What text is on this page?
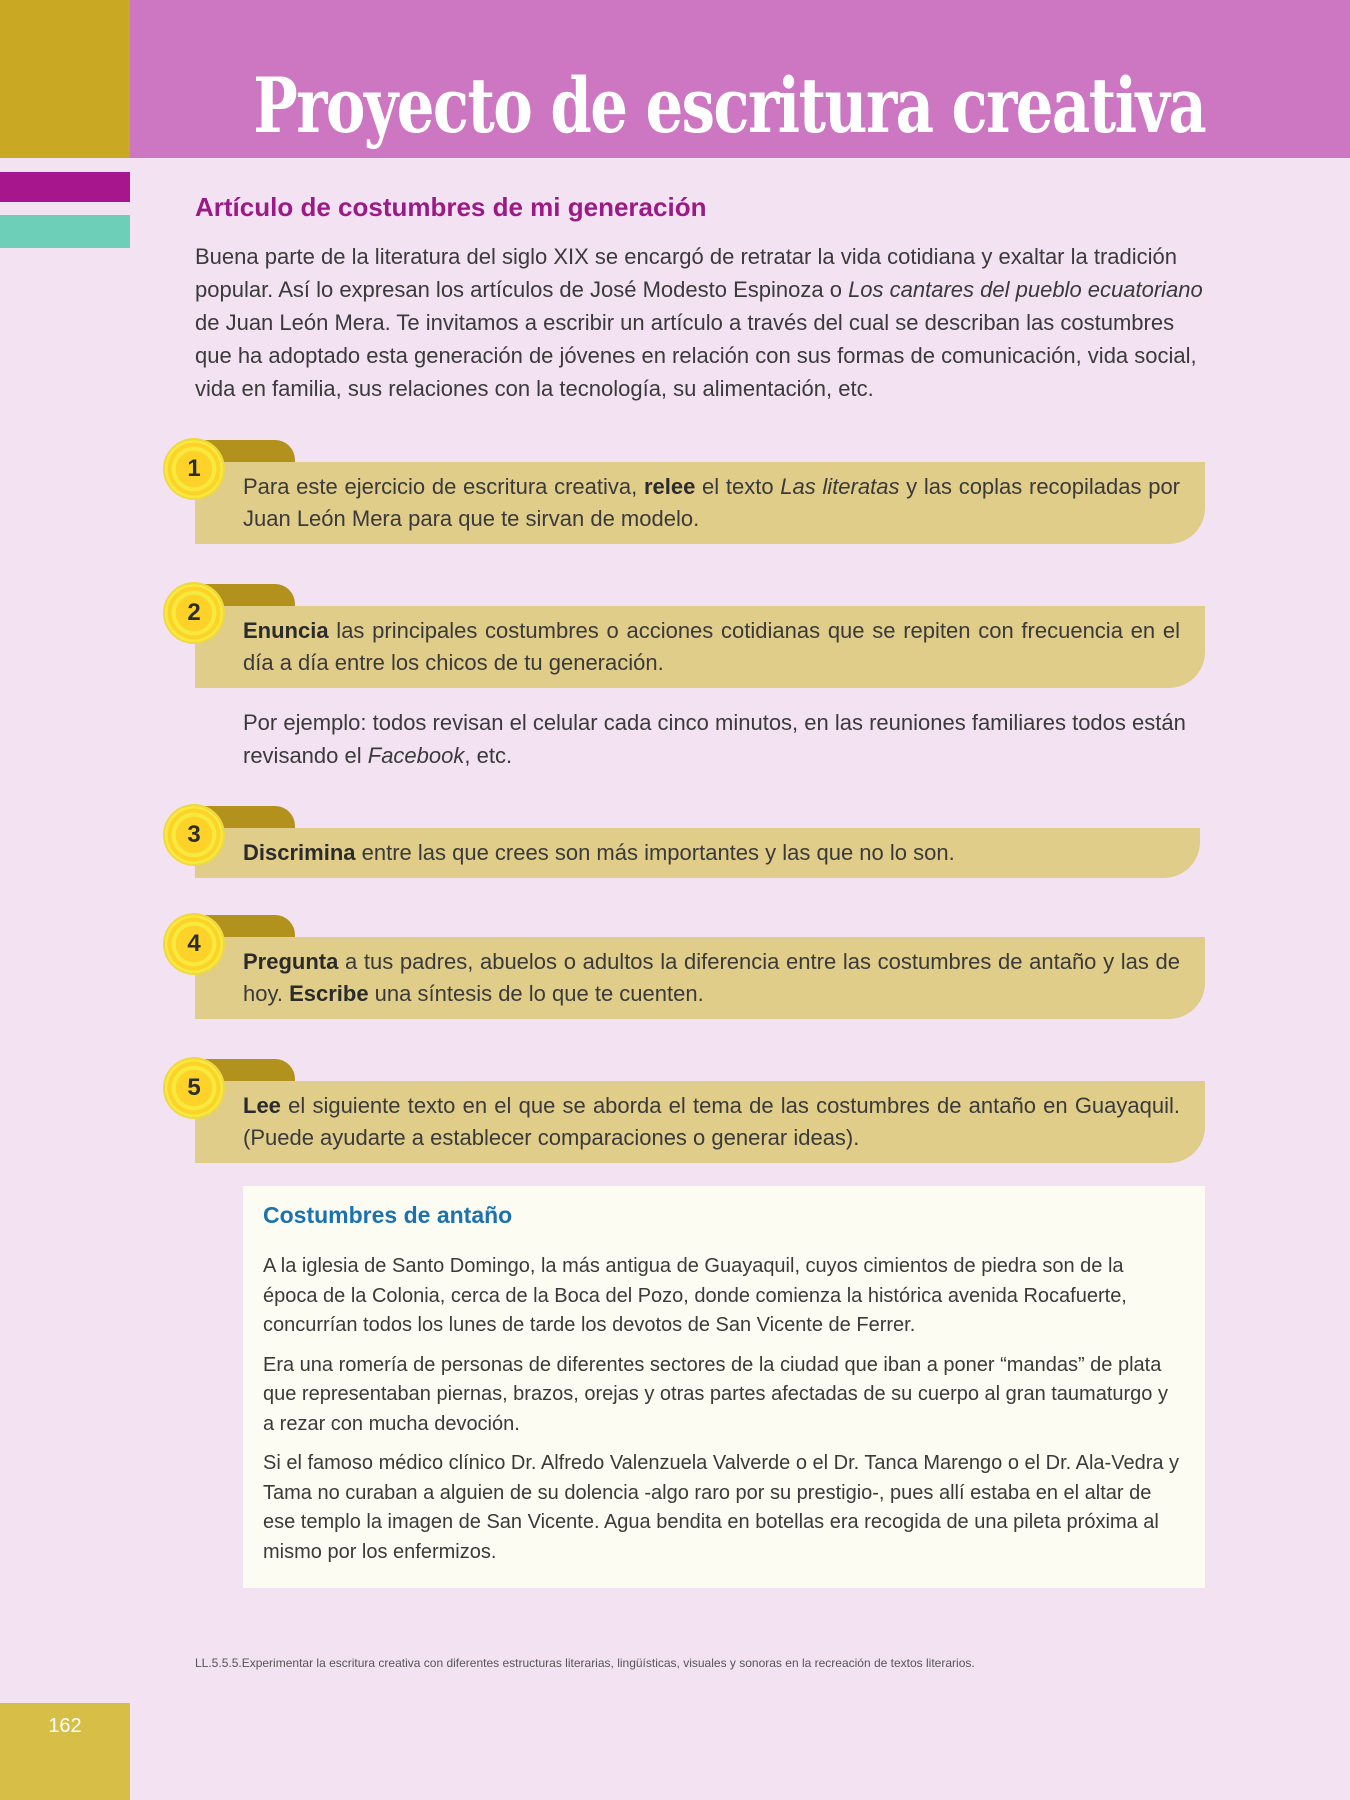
162
Proyecto de escritura creativa
Artículo de costumbres de mi generación
Buena parte de la literatura del siglo XIX se encargó de retratar la vida cotidiana y exaltar la tradición popular. Así lo expresan los artículos de José Modesto Espinoza o Los cantares del pueblo ecuatoriano de Juan León Mera. Te invitamos a escribir un artículo a través del cual se describan las costumbres que ha adoptado esta generación de jóvenes en relación con sus formas de comunicación, vida social, vida en familia, sus relaciones con la tecnología, su alimentación, etc.
Para este ejercicio de escritura creativa, relee el texto Las literatas y las coplas recopiladas por Juan León Mera para que te sirvan de modelo.
1
Enuncia las principales costumbres o acciones cotidianas que se repiten con frecuencia en el día a día entre los chicos de tu generación.
2
Por ejemplo: todos revisan el celular cada cinco minutos, en las reuniones familiares todos están revisando el Facebook, etc.
Discrimina entre las que crees son más importantes y las que no lo son.
3
Pregunta a tus padres, abuelos o adultos la diferencia entre las costumbres de antaño y las de hoy. Escribe una síntesis de lo que te cuenten.
4
Lee el siguiente texto en el que se aborda el tema de las costumbres de antaño en Guayaquil. (Puede ayudarte a establecer comparaciones o generar ideas).
5
Costumbres de antaño

A la iglesia de Santo Domingo, la más antigua de Guayaquil, cuyos cimientos de piedra son de la época de la Colonia, cerca de la Boca del Pozo, donde comienza la histórica avenida Rocafuerte, concurrían todos los lunes de tarde los devotos de San Vicente de Ferrer.

Era una romería de personas de diferentes sectores de la ciudad que iban a poner “mandas” de plata que representaban piernas, brazos, orejas y otras partes afectadas de su cuerpo al gran taumaturgo y a rezar con mucha devoción.

Si el famoso médico clínico Dr. Alfredo Valenzuela Valverde o el Dr. Tanca Marengo o el Dr. Ala-Vedra y Tama no curaban a alguien de su dolencia -algo raro por su prestigio-, pues allí estaba en el altar de ese templo la imagen de San Vicente. Agua bendita en botellas era recogida de una pileta próxima al mismo por los enfermizos.

LL.5.5.5.Experimentar la escritura creativa con diferentes estructuras literarias, lingüísticas, visuales y sonoras en la recreación de textos literarios.
